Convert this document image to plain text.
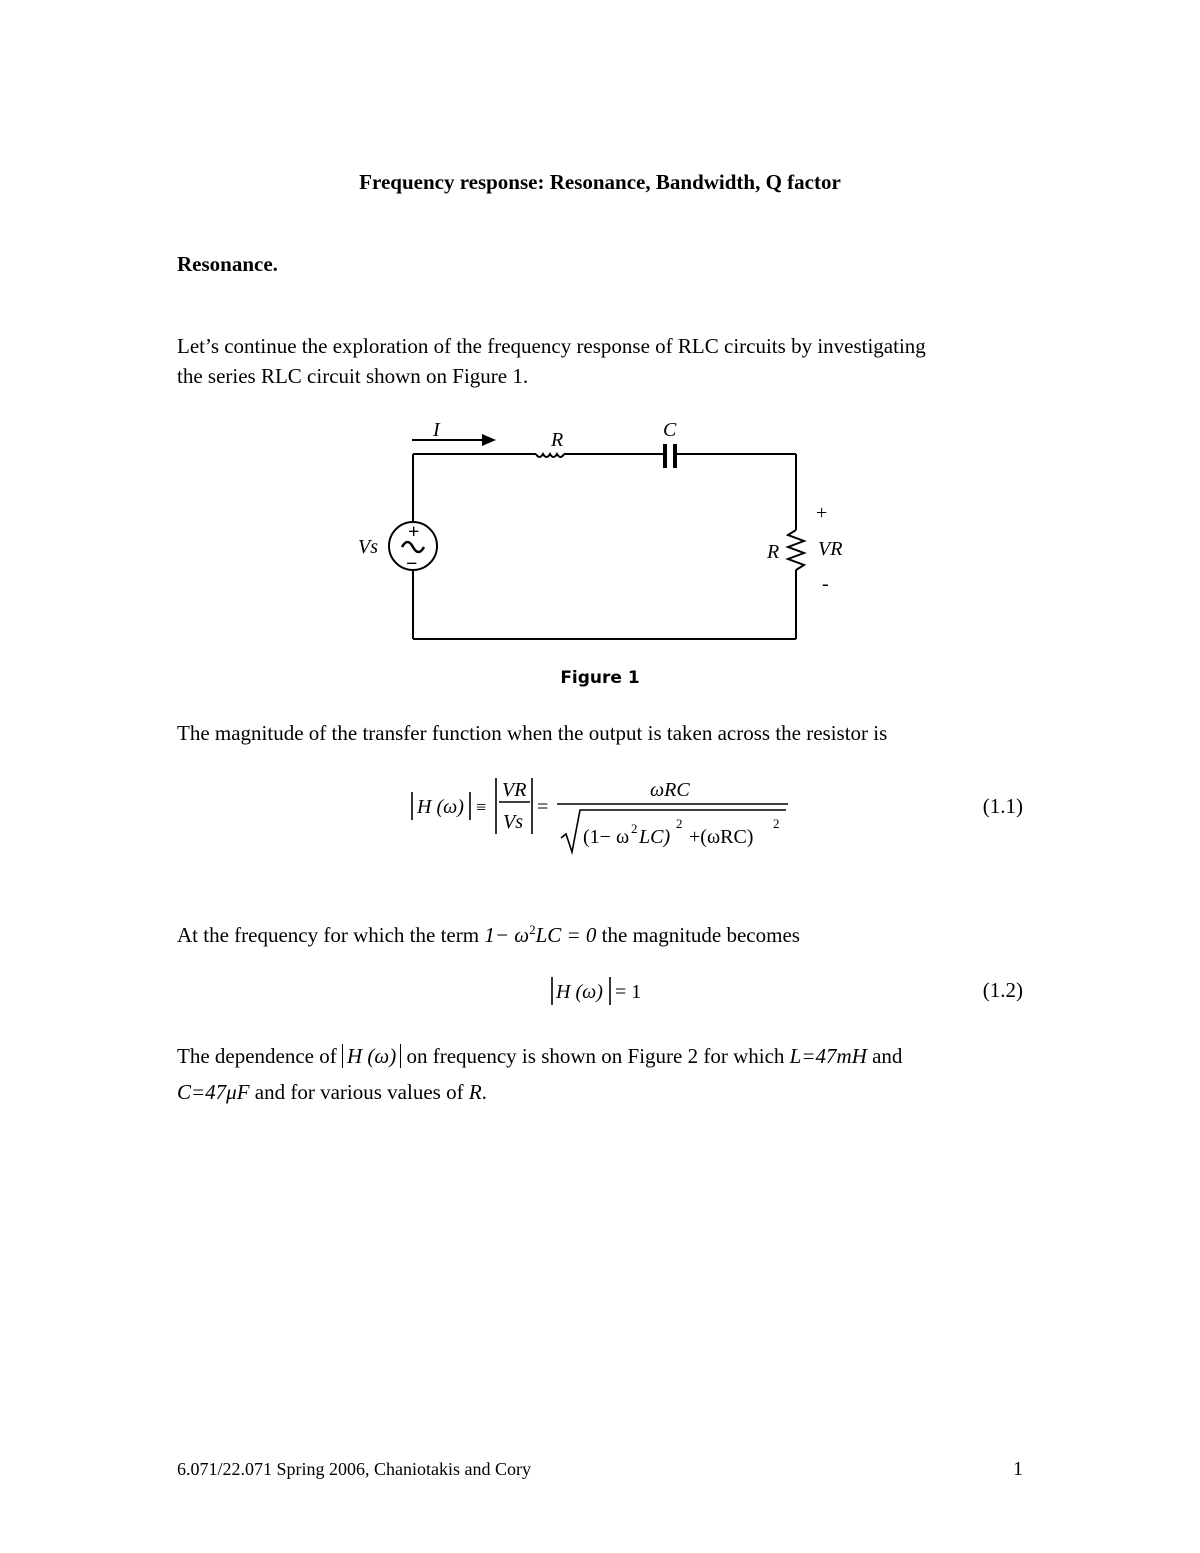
Frequency response: Resonance, Bandwidth, Q factor
Resonance.
Let’s continue the exploration of the frequency response of RLC circuits by investigating
the series RLC circuit shown on Figure 1.
I	R	C
Vs
+
−
R
+
VR
-
Figure 1
The magnitude of the transfer function when the output is taken across the resistor is
H (ω) ≡
VR
Vs
=
ωRC
(1− ω 2 LC)
2
+(ωRC)
2
(1.1)
At the frequency for which the term $1- \omega^2LC = 0$ the magnitude becomes
H (ω) = 1	(1.2)
The dependence of H (ω) on frequency is shown on Figure 2 for which L=47mH and
C=47μF and for various values of R.
6.071/22.071 Spring 2006, Chaniotakis and Cory	1
